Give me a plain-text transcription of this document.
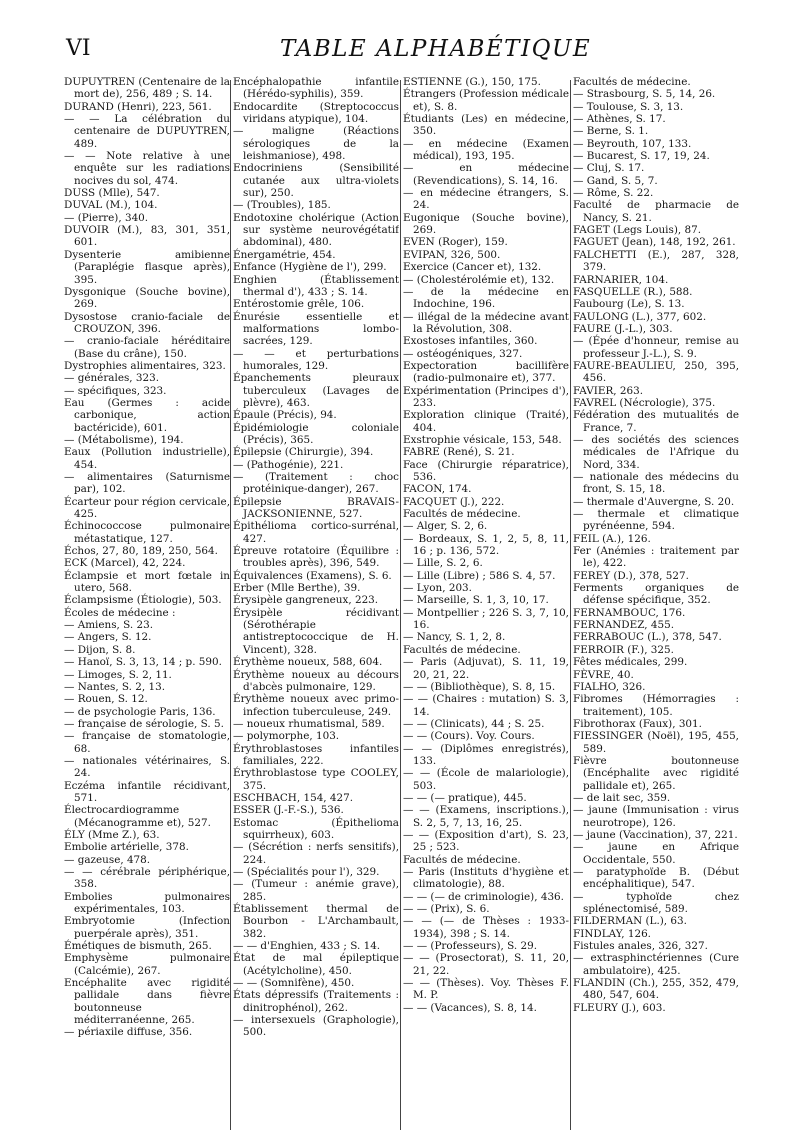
VI	TABLE ALPHABÉTIQUE

DUPUYTREN (Centenaire de la mort de), 256, 489 ; S. 14.

DURAND (Henri), 223, 561.

— — La célébration du centenaire de DUPUYTREN, 489.

— — Note relative à une enquête sur les radiations nocives du sol, 474.

DUSS (Mlle), 547.

DUVAL (M.), 104.

— (Pierre), 340.

DUVOIR (M.), 83, 301, 351, 601.

Dysenterie amibienne (Paraplégie flasque après), 395.

Dysgonique (Souche bovine), 269.

Dysostose cranio-faciale de CROUZON, 396.

— cranio-faciale héréditaire (Base du crâne), 150.

Dystrophies alimentaires, 323.

— générales, 323.

— spécifiques, 323.

Eau (Germes : acide carbonique, action bactéricide), 601.

— (Métabolisme), 194.

Eaux (Pollution industrielle), 454.

— alimentaires (Saturnisme par), 102.

Écarteur pour région cervicale, 425.

Échinococcose pulmonaire métastatique, 127.

Échos, 27, 80, 189, 250, 564.

ECK (Marcel), 42, 224.

Éclampsie et mort fœtale in utero, 568.

Éclampsisme (Étiologie), 503.

Écoles de médecine :

— Amiens, S. 23.

— Angers, S. 12.

— Dijon, S. 8.

— Hanoï, S. 3, 13, 14 ; p. 590.

— Limoges, S. 2, 11.

— Nantes, S. 2, 13.

— Rouen, S. 12.

— de psychologie Paris, 136.

— française de sérologie, S. 5.

— française de stomatologie, 68.

— nationales vétérinaires, S. 24.

Eczéma infantile récidivant, 571.

Électrocardiogramme (Mécanogramme et), 527.

ÉLY (Mme Z.), 63.

Embolie artérielle, 378.

— gazeuse, 478.

— — cérébrale périphérique, 358.

Embolies pulmonaires expérimentales, 103.

Embryotomie (Infection puerpérale après), 351.

Émétiques de bismuth, 265.

Emphysème pulmonaire (Calcémie), 267.

Encéphalite avec rigidité pallidale dans fièvre boutonneuse méditerranéenne, 265.

— périaxile diffuse, 356.

Encéphalopathie infantile (Hérédo-syphilis), 359.

Endocardite (Streptococcus viridans atypique), 104.

— maligne (Réactions sérologiques de la leishmaniose), 498.

Endocriniens (Sensibilité cutanée aux ultra-violets sur), 250.

— (Troubles), 185.

Endotoxine cholérique (Action sur système neurovégétatif abdominal), 480.

Énergamétrie, 454.

Enfance (Hygiène de l'), 299.

Enghien (Établissement thermal d'), 433 ; S. 14.

Entérostomie grêle, 106.

Énurésie essentielle et malformations lombo-sacrées, 129.

— — et perturbations humorales, 129.

Épanchements pleuraux tuberculeux (Lavages de plèvre), 463.

Épaule (Précis), 94.

Épidémiologie coloniale (Précis), 365.

Épilepsie (Chirurgie), 394.

— (Pathogénie), 221.

— (Traitement : choc protéinique-danger), 267.

Épilepsie BRAVAIS-JACKSONIENNE, 527.

Épithélioma cortico-surrénal, 427.

Épreuve rotatoire (Équilibre : troubles après), 396, 549.

Équivalences (Examens), S. 6.

Erber (Mlle Berthe), 39.

Érysipèle gangreneux, 223.

Érysipèle récidivant (Sérothérapie antistreptococcique de H. Vincent), 328.

Érythème noueux, 588, 604.

Érythème noueux au décours d'abcès pulmonaire, 129.

Érythème noueux avec primo-infection tuberculeuse, 249.

— noueux rhumatismal, 589.

— polymorphe, 103.

Érythroblastoses infantiles familiales, 222.

Érythroblastose type COOLEY, 375.

ESCHBACH, 154, 427.

ESSER (J.-F.-S.), 536.

Estomac (Épithelioma squirrheux), 603.

— (Sécrétion : nerfs sensitifs), 224.

— (Spécialités pour l'), 329.

— (Tumeur : anémie grave), 285.

Établissement thermal de Bourbon - L'Archambault, 382.

— — d'Enghien, 433 ; S. 14.

État de mal épileptique (Acétylcholine), 450.

— — (Somnifène), 450.

États dépressifs (Traitements : dinitrophénol), 262.

— intersexuels (Graphologie), 500.

ESTIENNE (G.), 150, 175.

Étrangers (Profession médicale et), S. 8.

Étudiants (Les) en médecine, 350.

— en médecine (Examen médical), 193, 195.

— en médecine (Revendications), S. 14, 16.

— en médecine étrangers, S. 24.

Eugonique (Souche bovine), 269.

EVEN (Roger), 159.

EVIPAN, 326, 500.

Exercice (Cancer et), 132.

— (Cholestérolémie et), 132.

— de la médecine en Indochine, 196.

— illégal de la médecine avant la Révolution, 308.

Exostoses infantiles, 360.

— ostéogéniques, 327.

Expectoration bacillifère (radio-pulmonaire et), 377.

Expérimentation (Principes d'), 233.

Exploration clinique (Traité), 404.

Exstrophie vésicale, 153, 548.

FABRE (René), S. 21.

Face (Chirurgie réparatrice), 536.

FACON, 174.

FACQUET (J.), 222.

Facultés de médecine.

— Alger, S. 2, 6.

— Bordeaux, S. 1, 2, 5, 8, 11, 16 ; p. 136, 572.

— Lille, S. 2, 6.

— Lille (Libre) ; 586 S. 4, 57.

— Lyon, 203.

— Marseille, S. 1, 3, 10, 17.

— Montpellier ; 226 S. 3, 7, 10, 16.

— Nancy, S. 1, 2, 8.

Facultés de médecine.

— Paris (Adjuvat), S. 11, 19, 20, 21, 22.

— — (Bibliothèque), S. 8, 15.

— — (Chaires : mutation) S. 3, 14.

— — (Clinicats), 44 ; S. 25.

— — (Cours). Voy. Cours.

— — (Diplômes enregistrés), 133.

— — (École de malariologie), 503.

— — (— pratique), 445.

— — (Examens, inscriptions.), S. 2, 5, 7, 13, 16, 25.

— — (Exposition d'art), S. 23, 25 ; 523.

Facultés de médecine.

— Paris (Instituts d'hygiène et climatologie), 88.

— — (— de criminologie), 436.

— — (Prix), S. 6.

— — (— de Thèses : 1933-1934), 398 ; S. 14.

— — (Professeurs), S. 29.

— — (Prosectorat), S. 11, 20, 21, 22.

— — (Thèses). Voy. Thèses F. M. P.

— — (Vacances), S. 8, 14.

Facultés de médecine.

— Strasbourg, S. 5, 14, 26.

— Toulouse, S. 3, 13.

— Athènes, S. 17.

— Berne, S. 1.

— Beyrouth, 107, 133.

— Bucarest, S. 17, 19, 24.

— Cluj, S. 17.

— Gand, S. 5, 7.

— Rôme, S. 22.

Faculté de pharmacie de Nancy, S. 21.

FAGET (Legs Louis), 87.

FAGUET (Jean), 148, 192, 261.

FALCHETTI (E.), 287, 328, 379.

FARNARIER, 104.

FASQUELLE (R.), 588.

Faubourg (Le), S. 13.

FAULONG (L.), 377, 602.

FAURE (J.-L.), 303.

— (Épée d'honneur, remise au professeur J.-L.), S. 9.

FAURE-BEAULIEU, 250, 395, 456.

FAVIER, 263.

FAVREL (Nécrologie), 375.

Fédération des mutualités de France, 7.

— des sociétés des sciences médicales de l'Afrique du Nord, 334.

— nationale des médecins du front, S. 15, 18.

— thermale d'Auvergne, S. 20.

— thermale et climatique pyrénéenne, 594.

FEIL (A.), 126.

Fer (Anémies : traitement par le), 422.

FEREY (D.), 378, 527.

Ferments organiques de défense spécifique, 352.

FERNAMBOUC, 176.

FERNANDEZ, 455.

FERRABOUC (L.), 378, 547.

FERROIR (F.), 325.

Fêtes médicales, 299.

FÈVRE, 40.

FIALHO, 326.

Fibromes (Hémorragies : traitement), 105.

Fibrothorax (Faux), 301.

FIESSINGER (Noël), 195, 455, 589.

Fièvre boutonneuse (Encéphalite avec rigidité pallidale et), 265.

— de lait sec, 359.

— jaune (Immunisation : virus neurotrope), 126.

— jaune (Vaccination), 37, 221.

— jaune en Afrique Occidentale, 550.

— paratyphoïde B. (Début encéphalitique), 547.

— typhoïde chez splénectomisé, 589.

FILDERMAN (L.), 63.

FINDLAY, 126.

Fistules anales, 326, 327.

— extrasphinctériennes (Cure ambulatoire), 425.

FLANDIN (Ch.), 255, 352, 479, 480, 547, 604.

FLEURY (J.), 603.
